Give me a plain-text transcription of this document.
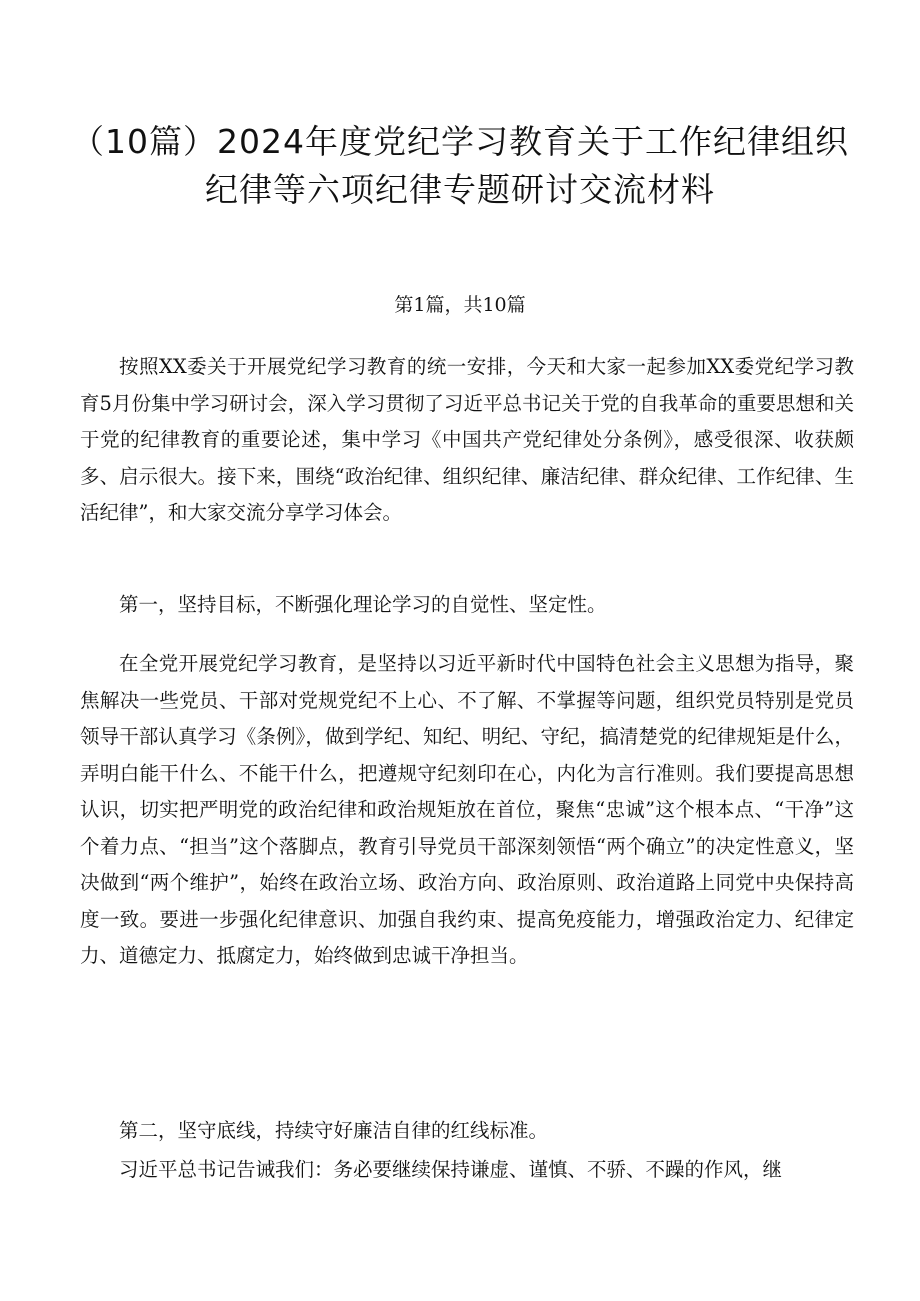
（10篇）2024年度党纪学习教育关于工作纪律组织
纪律等六项纪律专题研讨交流材料

第1篇，共10篇

按照XX委关于开展党纪学习教育的统一安排，今天和大家一起参加XX委党纪学习教育5月份集中学习研讨会，深入学习贯彻了习近平总书记关于党的自我革命的重要思想和关于党的纪律教育的重要论述，集中学习《中国共产党纪律处分条例》，感受很深、收获颇多、启示很大。接下来，围绕“政治纪律、组织纪律、廉洁纪律、群众纪律、工作纪律、生活纪律”，和大家交流分享学习体会。

第一，坚持目标，不断强化理论学习的自觉性、坚定性。

在全党开展党纪学习教育，是坚持以习近平新时代中国特色社会主义思想为指导，聚焦解决一些党员、干部对党规党纪不上心、不了解、不掌握等问题，组织党员特别是党员领导干部认真学习《条例》，做到学纪、知纪、明纪、守纪，搞清楚党的纪律规矩是什么，弄明白能干什么、不能干什么，把遵规守纪刻印在心，内化为言行准则。我们要提高思想认识，切实把严明党的政治纪律和政治规矩放在首位，聚焦“忠诚”这个根本点、“干净”这个着力点、“担当”这个落脚点，教育引导党员干部深刻领悟“两个确立”的决定性意义，坚决做到“两个维护”，始终在政治立场、政治方向、政治原则、政治道路上同党中央保持高度一致。要进一步强化纪律意识、加强自我约束、提高免疫能力，增强政治定力、纪律定力、道德定力、抵腐定力，始终做到忠诚干净担当。

第二，坚守底线，持续守好廉洁自律的红线标准。

习近平总书记告诫我们：务必要继续保持谦虚、谨慎、不骄、不躁的作风，继
